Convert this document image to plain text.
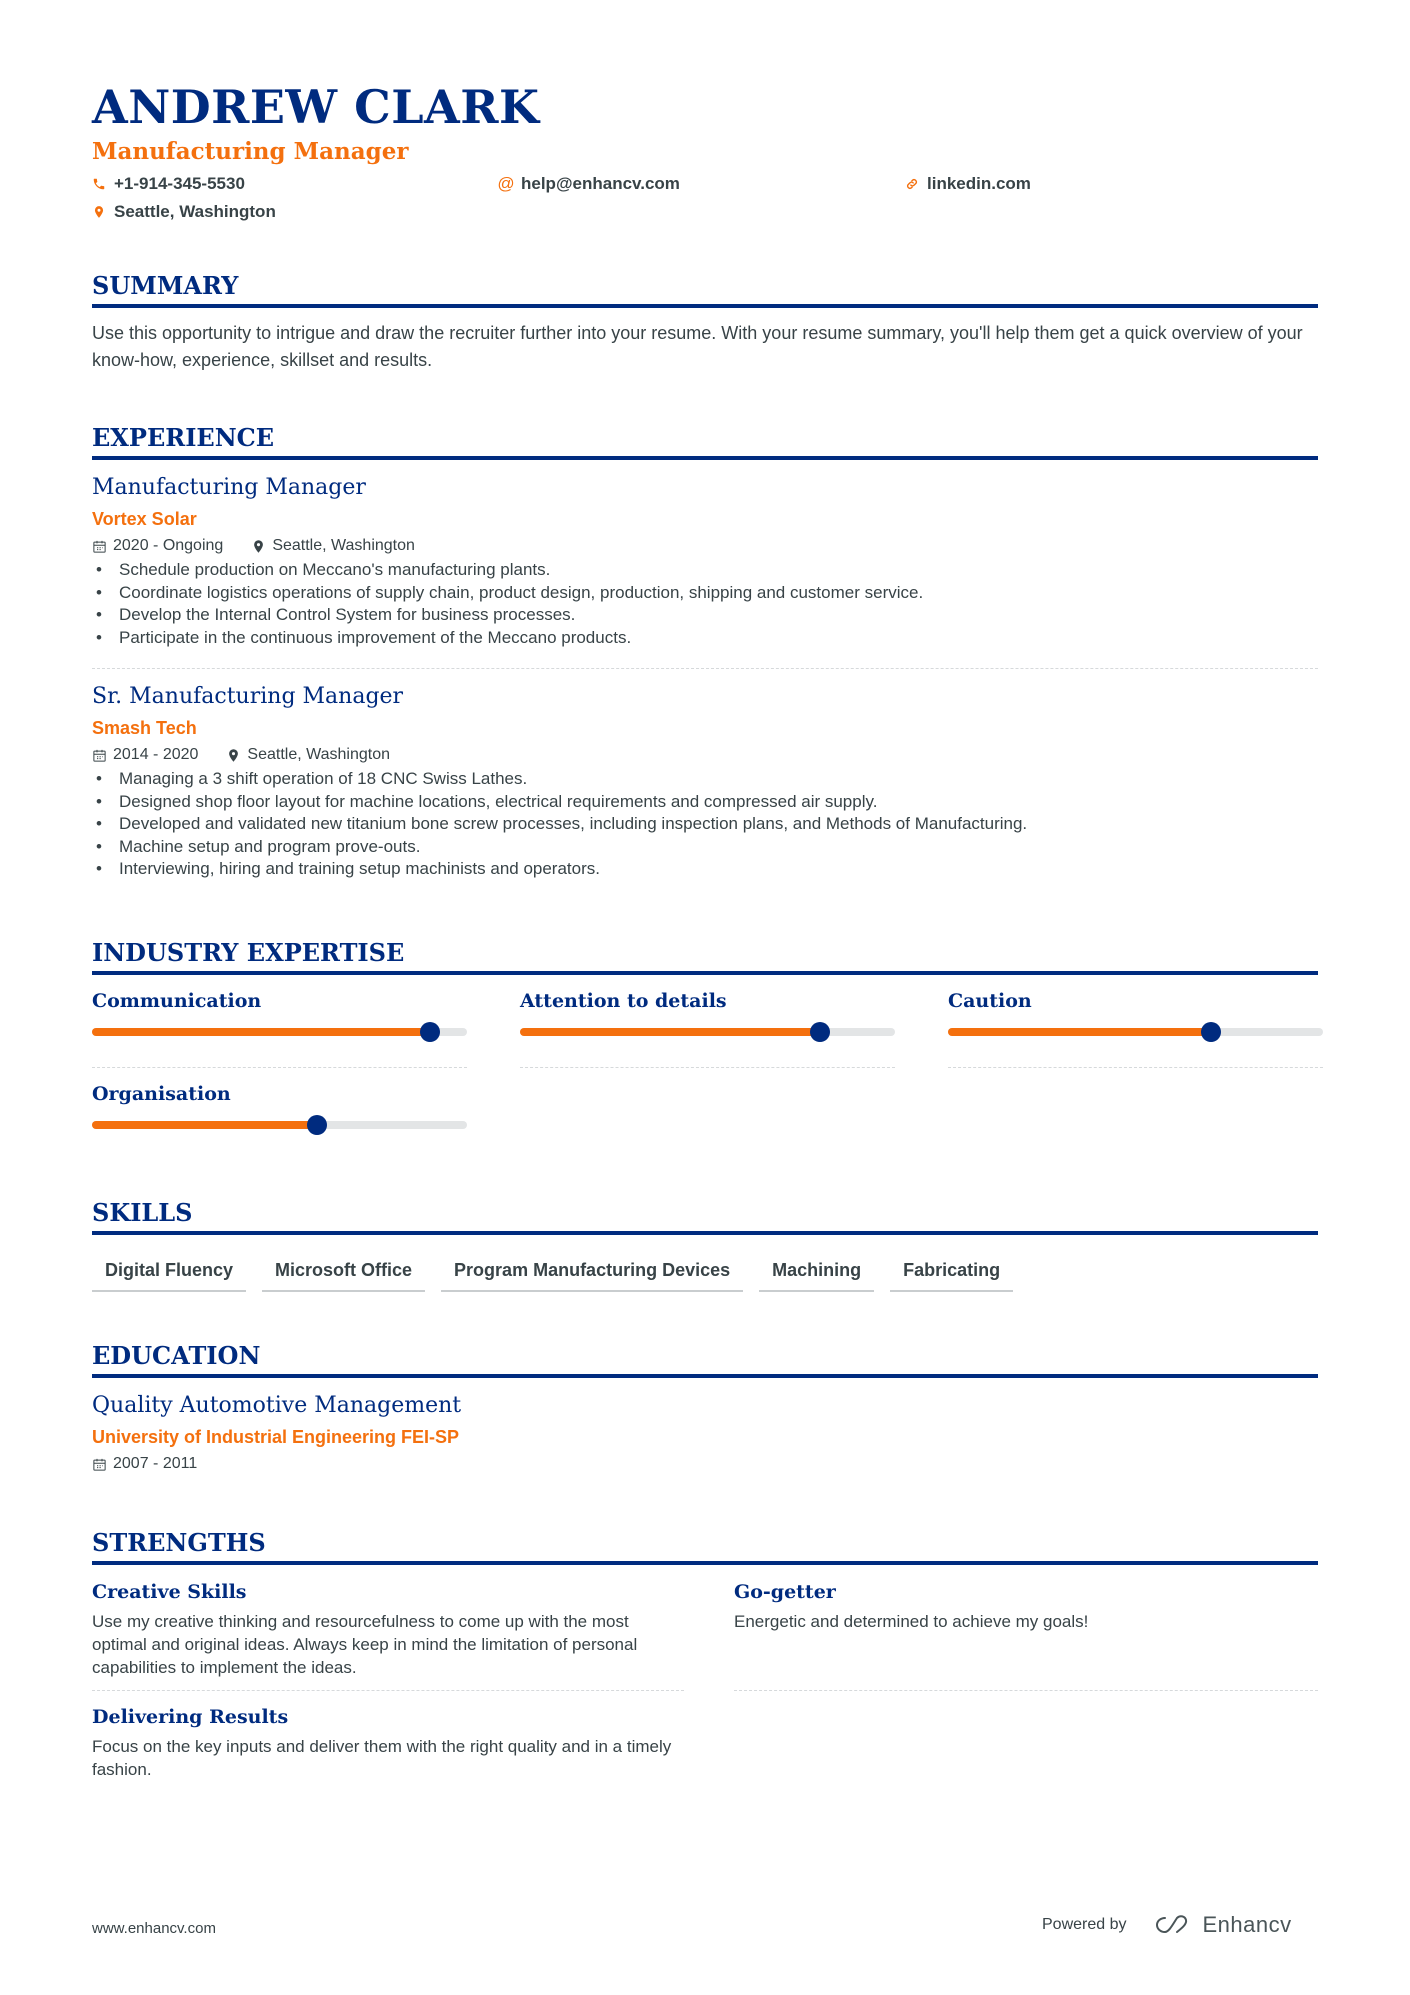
ANDREW CLARK
Manufacturing Manager
+1-914-345-5530	@ help@enhancv.com	linkedin.com
Seattle, Washington
SUMMARY
Use this opportunity to intrigue and draw the recruiter further into your resume. With your resume summary, you'll help them get a quick overview of your know-how, experience, skillset and results.
EXPERIENCE
Manufacturing Manager
Vortex Solar
2020 - Ongoing	Seattle, Washington
• Schedule production on Meccano's manufacturing plants.
• Coordinate logistics operations of supply chain, product design, production, shipping and customer service.
• Develop the Internal Control System for business processes.
• Participate in the continuous improvement of the Meccano products.
Sr. Manufacturing Manager
Smash Tech
2014 - 2020	Seattle, Washington
• Managing a 3 shift operation of 18 CNC Swiss Lathes.
• Designed shop floor layout for machine locations, electrical requirements and compressed air supply.
• Developed and validated new titanium bone screw processes, including inspection plans, and Methods of Manufacturing.
• Machine setup and program prove-outs.
• Interviewing, hiring and training setup machinists and operators.
INDUSTRY EXPERTISE
Communication	Attention to details	Caution
Organisation
SKILLS
Digital Fluency	Microsoft Office	Program Manufacturing Devices	Machining	Fabricating
EDUCATION
Quality Automotive Management
University of Industrial Engineering FEI-SP
2007 - 2011
STRENGTHS
Creative Skills
Use my creative thinking and resourcefulness to come up with the most optimal and original ideas. Always keep in mind the limitation of personal capabilities to implement the ideas.
Go-getter
Energetic and determined to achieve my goals!
Delivering Results
Focus on the key inputs and deliver them with the right quality and in a timely fashion.
www.enhancv.com	Powered by	Enhancv
